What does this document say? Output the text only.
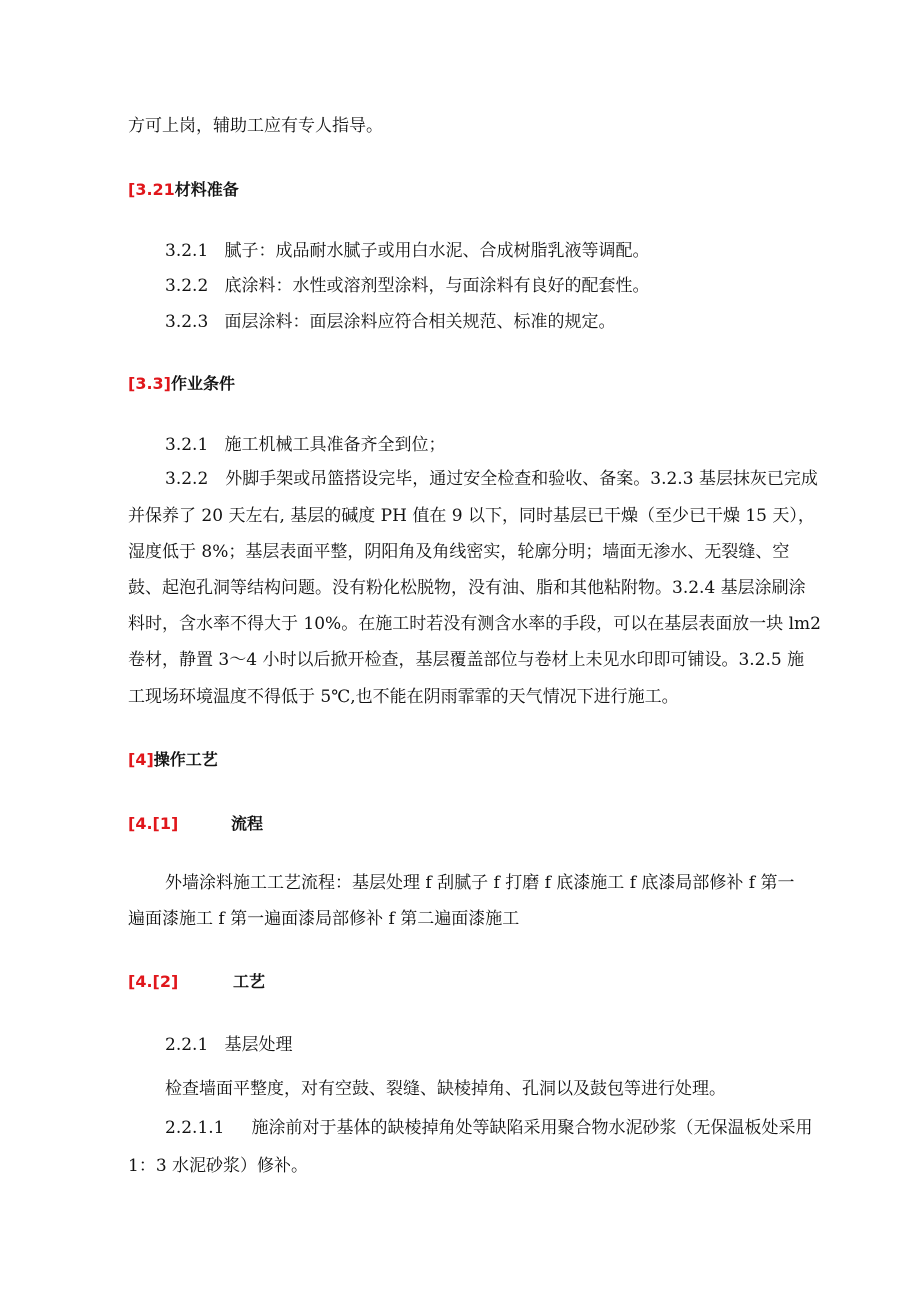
方可上岗，辅助工应有专人指导。
[3.21材料准备
3.2.1 腻子：成品耐水腻子或用白水泥、合成树脂乳液等调配。
3.2.2 底涂料：水性或溶剂型涂料，与面涂料有良好的配套性。
3.2.3 面层涂料：面层涂料应符合相关规范、标准的规定。
[3.3]作业条件
3.2.1 施工机械工具准备齐全到位；
3.2.2　外脚手架或吊篮搭设完毕，通过安全检查和验收、备案。3.2.3 基层抹灰已完成
并保养了 20 天左右, 基层的碱度 PH 值在 9 以下，同时基层已干燥（至少已干燥 15 天），
湿度低于 8%；基层表面平整，阴阳角及角线密实，轮廓分明；墙面无渗水、无裂缝、空
鼓、起泡孔洞等结构问题。没有粉化松脱物，没有油、脂和其他粘附物。3.2.4 基层涂刷涂
料时，含水率不得大于 10%。在施工时若没有测含水率的手段，可以在基层表面放一块 lm2
卷材，静置 3～4 小时以后掀开检查，基层覆盖部位与卷材上未见水印即可铺设。3.2.5 施
工现场环境温度不得低于 5℃,也不能在阴雨霏霏的天气情况下进行施工。
[4]操作工艺
[4.[1]	流程
外墙涂料施工工艺流程：基层处理 f 刮腻子 f 打磨 f 底漆施工 f 底漆局部修补 f 第一
遍面漆施工 f 第一遍面漆局部修补 f 第二遍面漆施工
[4.[2]	工艺
2.2.1 基层处理
检查墙面平整度，对有空鼓、裂缝、缺棱掉角、孔洞以及鼓包等进行处理。
2.2.1.1 施涂前对于基体的缺棱掉角处等缺陷采用聚合物水泥砂浆（无保温板处采用
1：3 水泥砂浆）修补。
